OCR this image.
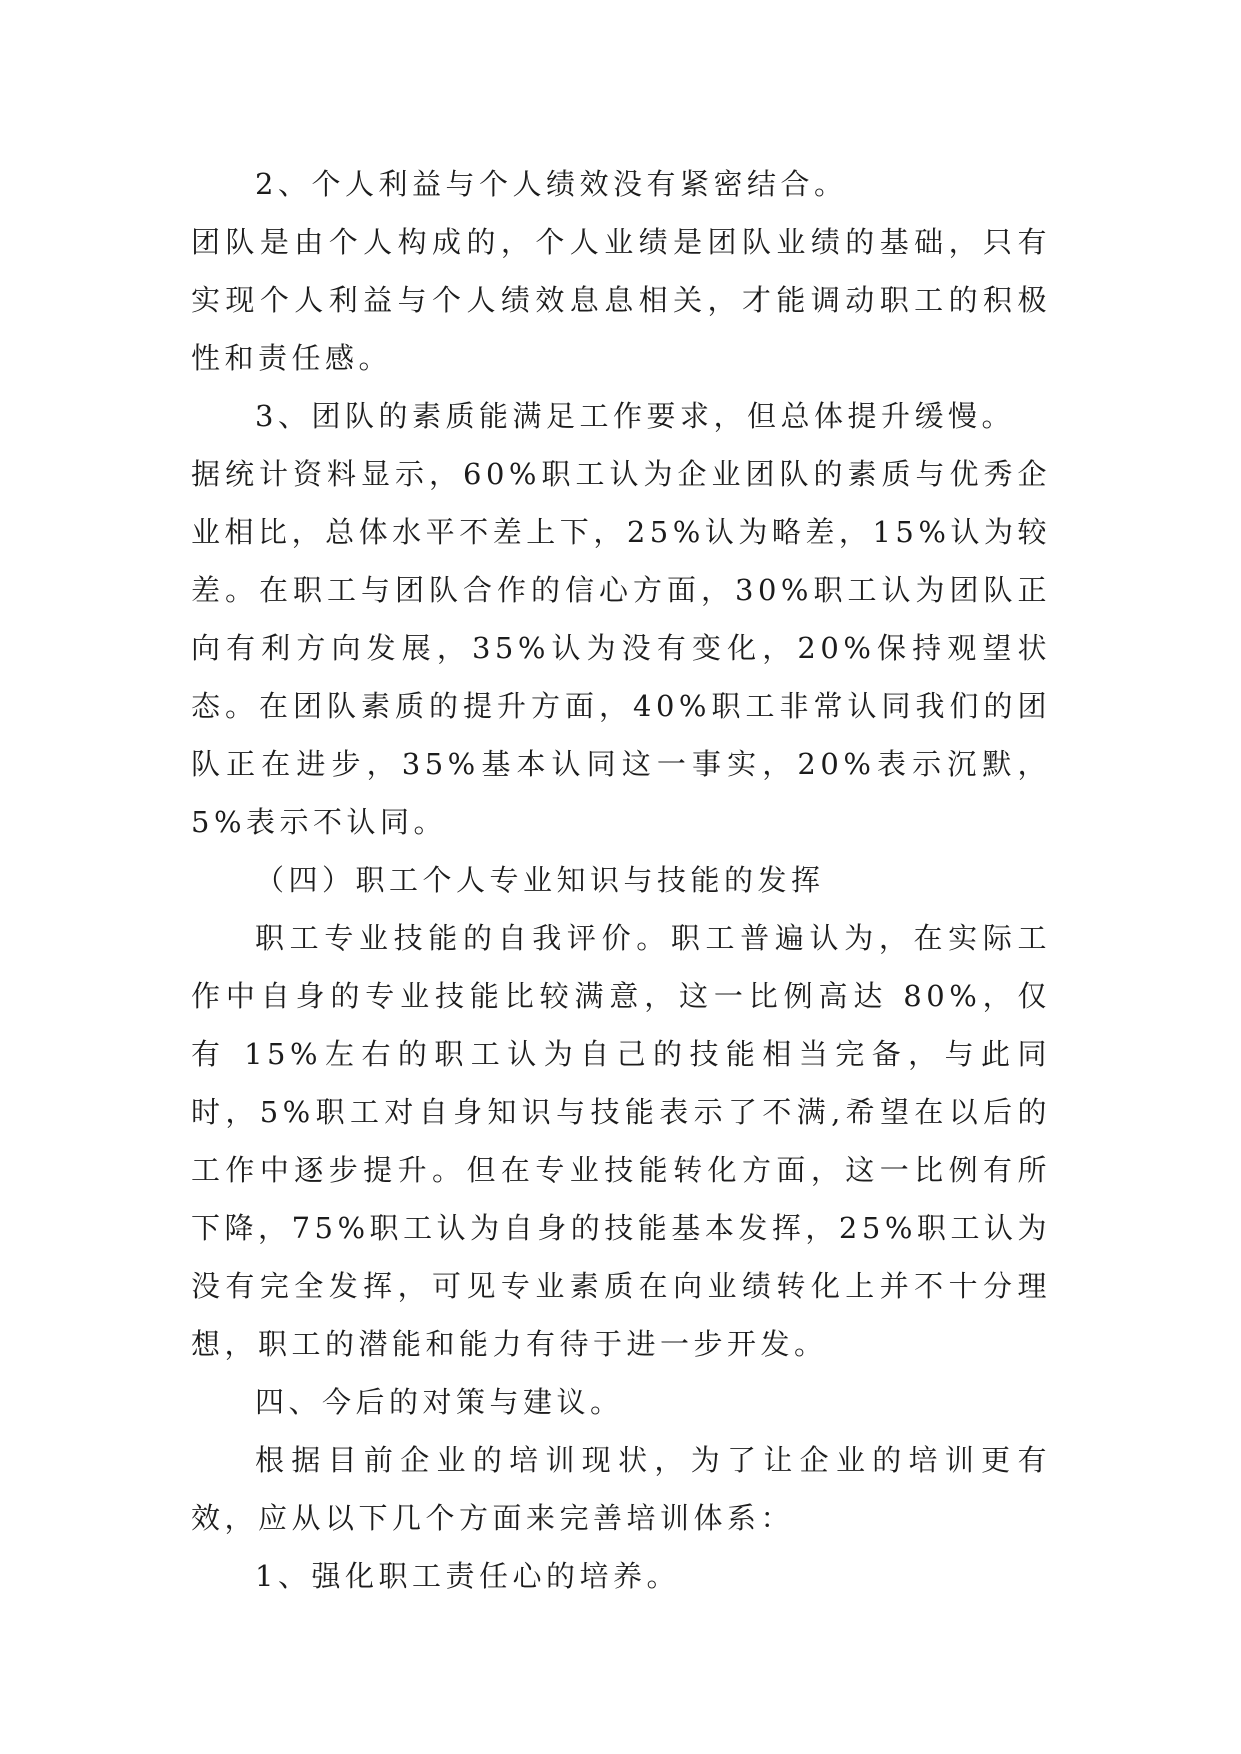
2、个人利益与个人绩效没有紧密结合。

团队是由个人构成的，个人业绩是团队业绩的基础，只有实现个人利益与个人绩效息息相关，才能调动职工的积极性和责任感。

3、团队的素质能满足工作要求，但总体提升缓慢。

据统计资料显示，60%职工认为企业团队的素质与优秀企业相比，总体水平不差上下，25%认为略差，15%认为较差。在职工与团队合作的信心方面，30%职工认为团队正向有利方向发展，35%认为没有变化，20%保持观望状态。在团队素质的提升方面，40%职工非常认同我们的团队正在进步，35%基本认同这一事实，20%表示沉默，5%表示不认同。

（四）职工个人专业知识与技能的发挥

职工专业技能的自我评价。职工普遍认为，在实际工作中自身的专业技能比较满意，这一比例高达 80%，仅有 15%左右的职工认为自己的技能相当完备，与此同时，5%职工对自身知识与技能表示了不满,希望在以后的工作中逐步提升。但在专业技能转化方面，这一比例有所下降，75%职工认为自身的技能基本发挥，25%职工认为没有完全发挥，可见专业素质在向业绩转化上并不十分理想，职工的潜能和能力有待于进一步开发。

四、今后的对策与建议。

根据目前企业的培训现状，为了让企业的培训更有效，应从以下几个方面来完善培训体系：

1、强化职工责任心的培养。
